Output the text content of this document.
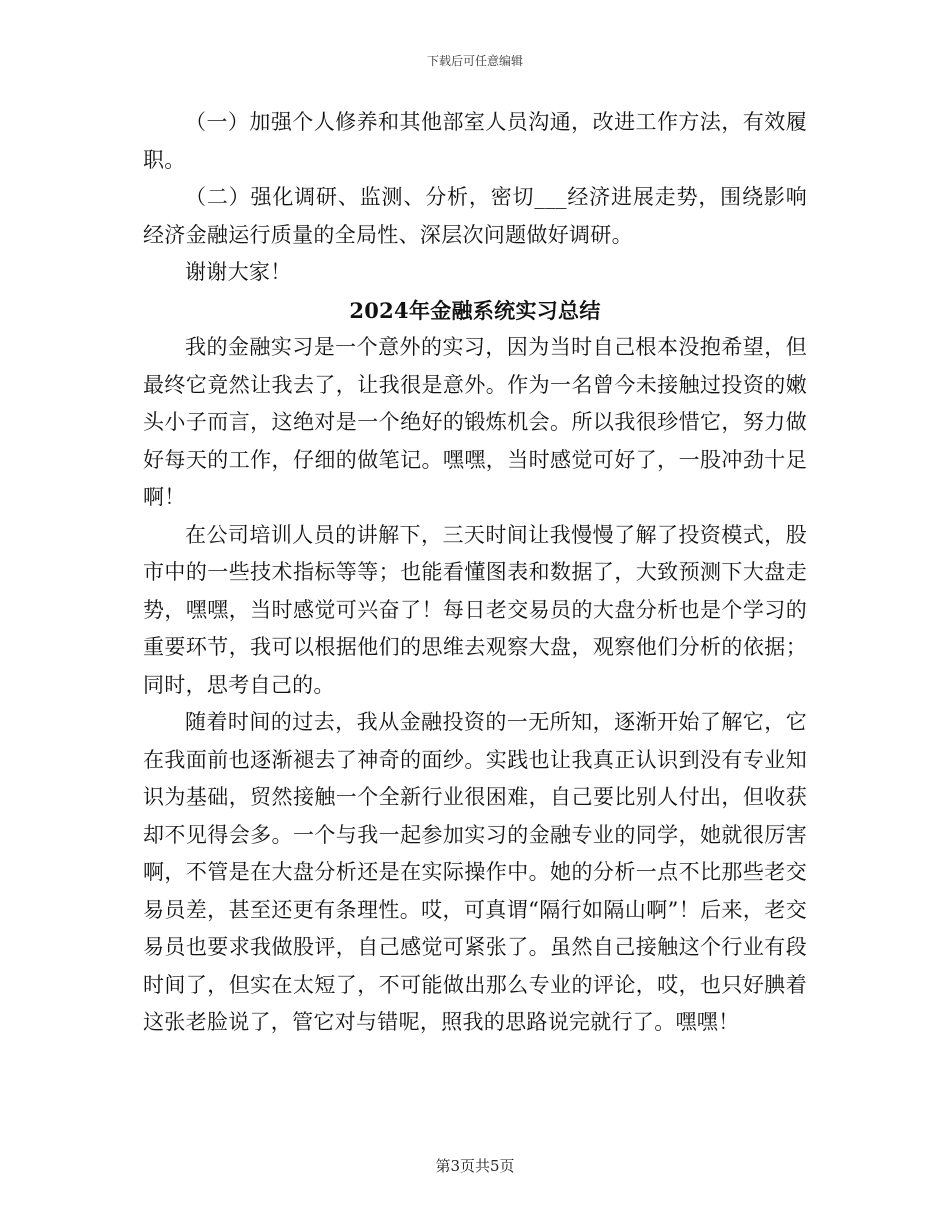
下载后可任意编辑

（一）加强个人修养和其他部室人员沟通，改进工作方法，有效履职。

（二）强化调研、监测、分析，密切___经济进展走势，围绕影响经济金融运行质量的全局性、深层次问题做好调研。

谢谢大家！

2024年金融系统实习总结

我的金融实习是一个意外的实习，因为当时自己根本没抱希望，但最终它竟然让我去了，让我很是意外。作为一名曾今未接触过投资的嫩头小子而言，这绝对是一个绝好的锻炼机会。所以我很珍惜它，努力做好每天的工作，仔细的做笔记。嘿嘿，当时感觉可好了，一股冲劲十足啊！

在公司培训人员的讲解下，三天时间让我慢慢了解了投资模式，股市中的一些技术指标等等；也能看懂图表和数据了，大致预测下大盘走势，嘿嘿，当时感觉可兴奋了！每日老交易员的大盘分析也是个学习的重要环节，我可以根据他们的思维去观察大盘，观察他们分析的依据；同时，思考自己的。

随着时间的过去，我从金融投资的一无所知，逐渐开始了解它，它在我面前也逐渐褪去了神奇的面纱。实践也让我真正认识到没有专业知识为基础，贸然接触一个全新行业很困难，自己要比别人付出，但收获却不见得会多。一个与我一起参加实习的金融专业的同学，她就很厉害啊，不管是在大盘分析还是在实际操作中。她的分析一点不比那些老交易员差，甚至还更有条理性。哎，可真谓“隔行如隔山啊”！后来，老交易员也要求我做股评，自己感觉可紧张了。虽然自己接触这个行业有段时间了，但实在太短了，不可能做出那么专业的评论，哎，也只好腆着这张老脸说了，管它对与错呢，照我的思路说完就行了。嘿嘿！

第3页共5页
